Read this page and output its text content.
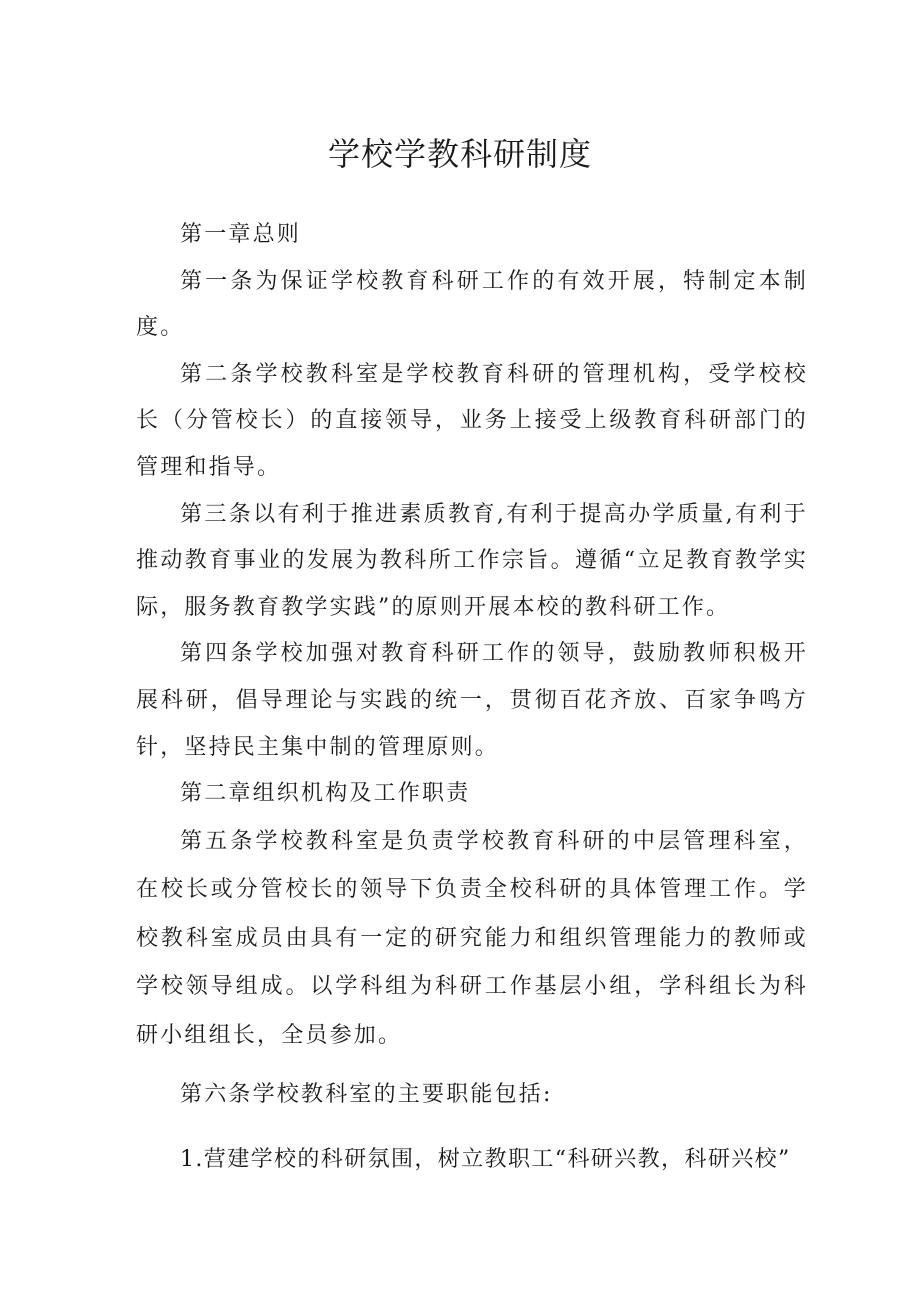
学校学教科研制度

第一章总则

第一条为保证学校教育科研工作的有效开展，特制定本制度。

第二条学校教科室是学校教育科研的管理机构，受学校校长（分管校长）的直接领导，业务上接受上级教育科研部门的管理和指导。

第三条以有利于推进素质教育,有利于提高办学质量,有利于推动教育事业的发展为教科所工作宗旨。遵循“立足教育教学实际，服务教育教学实践”的原则开展本校的教科研工作。

第四条学校加强对教育科研工作的领导，鼓励教师积极开展科研，倡导理论与实践的统一，贯彻百花齐放、百家争鸣方针，坚持民主集中制的管理原则。

第二章组织机构及工作职责

第五条学校教科室是负责学校教育科研的中层管理科室，在校长或分管校长的领导下负责全校科研的具体管理工作。学校教科室成员由具有一定的研究能力和组织管理能力的教师或学校领导组成。以学科组为科研工作基层小组，学科组长为科研小组组长，全员参加。

第六条学校教科室的主要职能包括:

1.营建学校的科研氛围，树立教职工“科研兴教，科研兴校”
